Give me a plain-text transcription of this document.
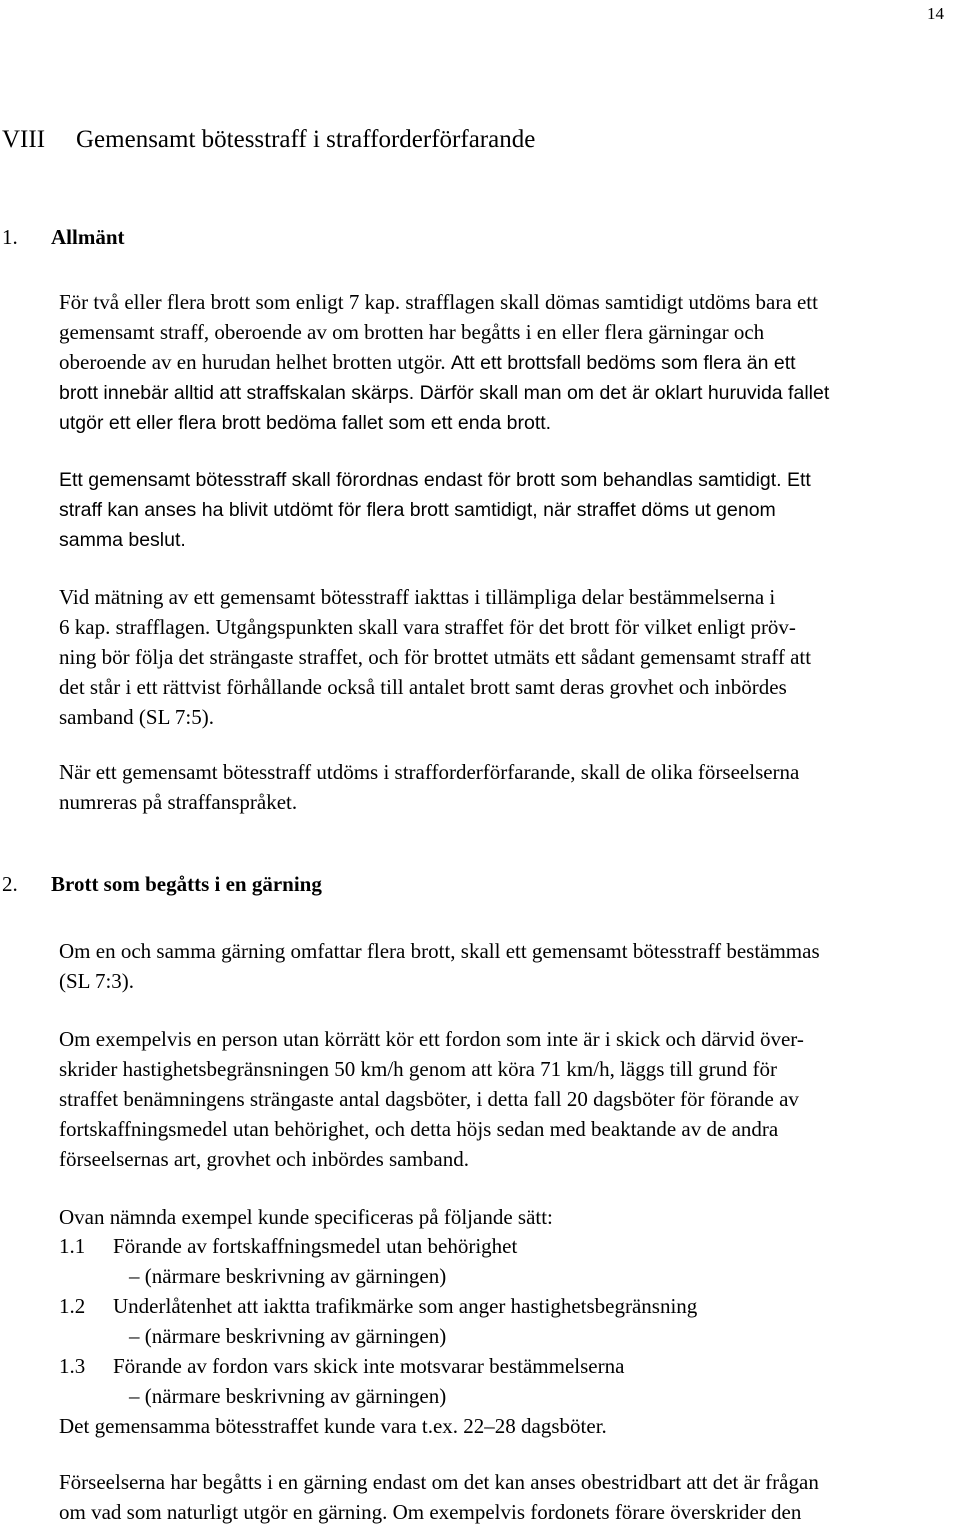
14
VIII Gemensamt bötesstraff i strafforderförfarande
1. Allmänt
För två eller flera brott som enligt 7 kap. strafflagen skall dömas samtidigt utdöms bara ett
gemensamt straff, oberoende av om brotten har begåtts i en eller flera gärningar och
oberoende av en hurudan helhet brotten utgör. Att ett brottsfall bedöms som flera än ett
brott innebär alltid att straffskalan skärps. Därför skall man om det är oklart huruvida fallet
utgör ett eller flera brott bedöma fallet som ett enda brott.
Ett gemensamt bötesstraff skall förordnas endast för brott som behandlas samtidigt. Ett
straff kan anses ha blivit utdömt för flera brott samtidigt, när straffet döms ut genom
samma beslut.
Vid mätning av ett gemensamt bötesstraff iakttas i tillämpliga delar bestämmelserna i
6 kap. strafflagen. Utgångspunkten skall vara straffet för det brott för vilket enligt pröv-
ning bör följa det strängaste straffet, och för brottet utmäts ett sådant gemensamt straff att
det står i ett rättvist förhållande också till antalet brott samt deras grovhet och inbördes
samband (SL 7:5).
När ett gemensamt bötesstraff utdöms i strafforderförfarande, skall de olika förseelserna
numreras på straffanspråket.
2. Brott som begåtts i en gärning
Om en och samma gärning omfattar flera brott, skall ett gemensamt bötesstraff bestämmas
(SL 7:3).
Om exempelvis en person utan körrätt kör ett fordon som inte är i skick och därvid över-
skrider hastighetsbegränsningen 50 km/h genom att köra 71 km/h, läggs till grund för
straffet benämningens strängaste antal dagsböter, i detta fall 20 dagsböter för förande av
fortskaffningsmedel utan behörighet, och detta höjs sedan med beaktande av de andra
förseelsernas art, grovhet och inbördes samband.
Ovan nämnda exempel kunde specificeras på följande sätt:
1.1 Förande av fortskaffningsmedel utan behörighet
– (närmare beskrivning av gärningen)
1.2 Underlåtenhet att iaktta trafikmärke som anger hastighetsbegränsning
– (närmare beskrivning av gärningen)
1.3 Förande av fordon vars skick inte motsvarar bestämmelserna
– (närmare beskrivning av gärningen)
Det gemensamma bötesstraffet kunde vara t.ex. 22–28 dagsböter.
Förseelserna har begåtts i en gärning endast om det kan anses obestridbart att det är frågan
om vad som naturligt utgör en gärning. Om exempelvis fordonets förare överskrider den
